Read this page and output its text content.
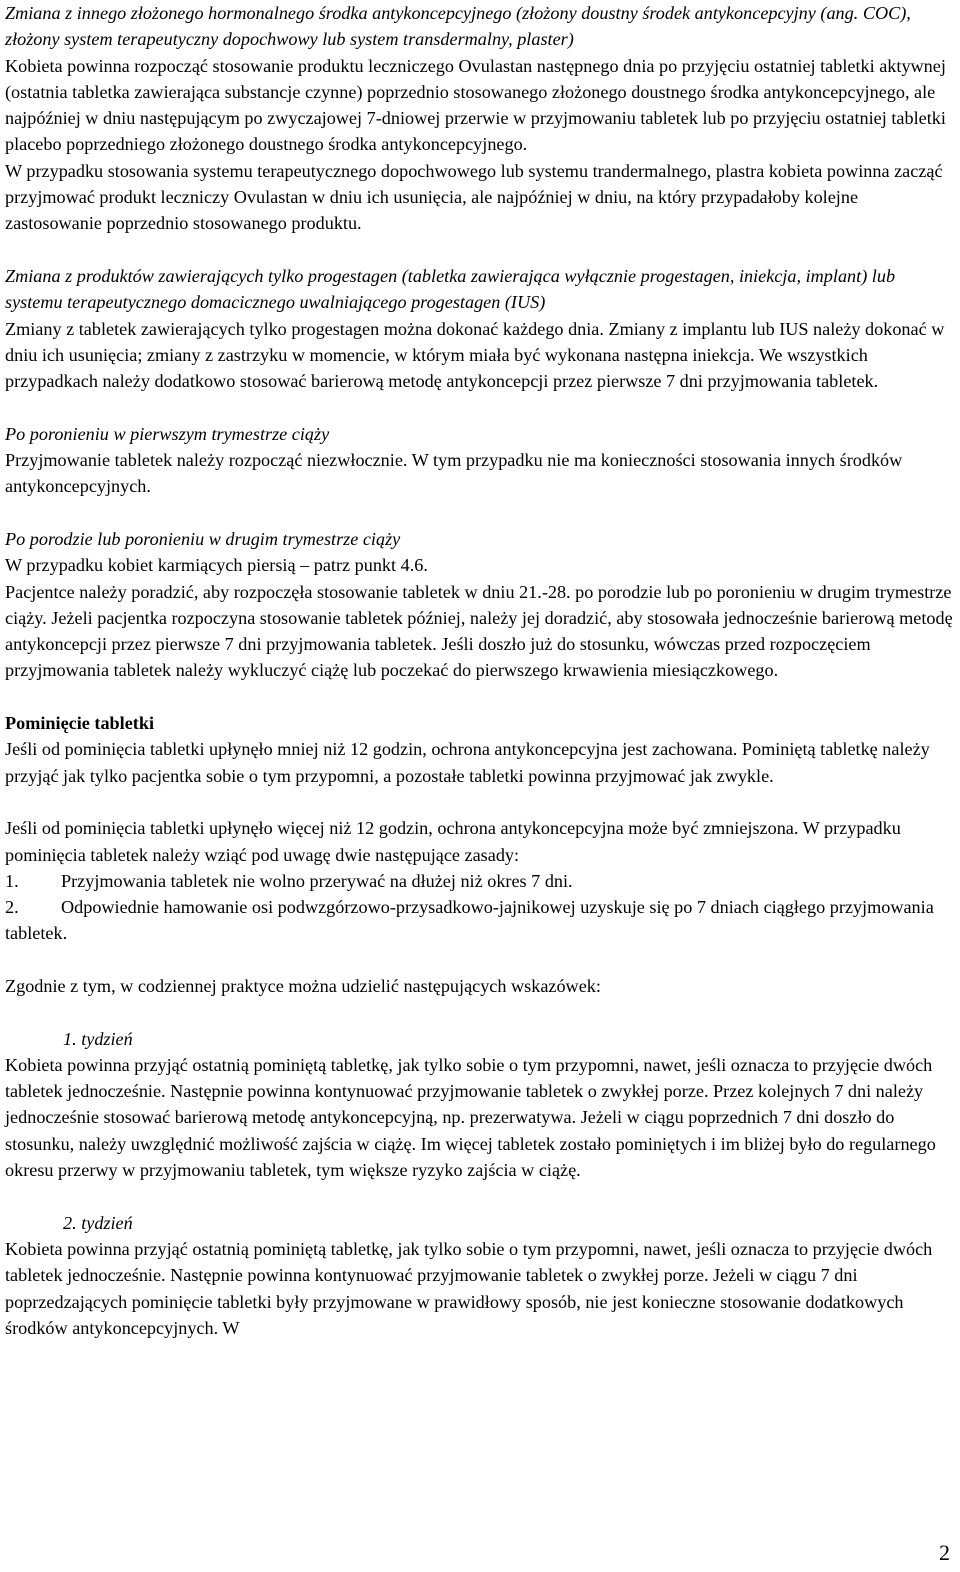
Zmiana z innego złożonego hormonalnego środka antykoncepcyjnego (złożony doustny środek antykoncepcyjny (ang. COC), złożony system terapeutyczny dopochwowy lub system transdermalny, plaster)

Kobieta powinna rozpocząć stosowanie produktu leczniczego Ovulastan następnego dnia po przyjęciu ostatniej tabletki aktywnej (ostatnia tabletka zawierająca substancje czynne) poprzednio stosowanego złożonego doustnego środka antykoncepcyjnego, ale najpóźniej w dniu następującym po zwyczajowej 7-dniowej przerwie w przyjmowaniu tabletek lub po przyjęciu ostatniej tabletki placebo poprzedniego złożonego doustnego środka antykoncepcyjnego.

W przypadku stosowania systemu terapeutycznego dopochwowego lub systemu trandermalnego, plastra kobieta powinna zacząć przyjmować produkt leczniczy Ovulastan w dniu ich usunięcia, ale najpóźniej w dniu, na który przypadałoby kolejne zastosowanie poprzednio stosowanego produktu.

Zmiana z produktów zawierających tylko progestagen (tabletka zawierająca wyłącznie progestagen, iniekcja, implant) lub systemu terapeutycznego domacicznego uwalniającego progestagen (IUS)

Zmiany z tabletek zawierających tylko progestagen można dokonać każdego dnia. Zmiany z implantu lub IUS należy dokonać w dniu ich usunięcia; zmiany z zastrzyku w momencie, w którym miała być wykonana następna iniekcja. We wszystkich przypadkach należy dodatkowo stosować barierową metodę antykoncepcji przez pierwsze 7 dni przyjmowania tabletek.

Po poronieniu w pierwszym trymestrze ciąży

Przyjmowanie tabletek należy rozpocząć niezwłocznie. W tym przypadku nie ma konieczności stosowania innych środków antykoncepcyjnych.

Po porodzie lub poronieniu w drugim trymestrze ciąży

W przypadku kobiet karmiących piersią – patrz punkt 4.6.

Pacjentce należy poradzić, aby rozpoczęła stosowanie tabletek w dniu 21.-28. po porodzie lub po poronieniu w drugim trymestrze ciąży. Jeżeli pacjentka rozpoczyna stosowanie tabletek później, należy jej doradzić, aby stosowała jednocześnie barierową metodę antykoncepcji przez pierwsze 7 dni przyjmowania tabletek. Jeśli doszło już do stosunku, wówczas przed rozpoczęciem przyjmowania tabletek należy wykluczyć ciążę lub poczekać do pierwszego krwawienia miesiączkowego.

Pominięcie tabletki

Jeśli od pominięcia tabletki upłynęło mniej niż 12 godzin, ochrona antykoncepcyjna jest zachowana. Pominiętą tabletkę należy przyjąć jak tylko pacjentka sobie o tym przypomni, a pozostałe tabletki powinna przyjmować jak zwykle.

Jeśli od pominięcia tabletki upłynęło więcej niż 12 godzin, ochrona antykoncepcyjna może być zmniejszona. W przypadku pominięcia tabletek należy wziąć pod uwagę dwie następujące zasady:

1.	Przyjmowania tabletek nie wolno przerywać na dłużej niż okres 7 dni.

2. Odpowiednie hamowanie osi podwzgórzowo-przysadkowo-jajnikowej uzyskuje się po 7 dniach ciągłego przyjmowania tabletek.

Zgodnie z tym, w codziennej praktyce można udzielić następujących wskazówek:

1. tydzień

Kobieta powinna przyjąć ostatnią pominiętą tabletkę, jak tylko sobie o tym przypomni, nawet, jeśli oznacza to przyjęcie dwóch tabletek jednocześnie. Następnie powinna kontynuować przyjmowanie tabletek o zwykłej porze. Przez kolejnych 7 dni należy jednocześnie stosować barierową metodę antykoncepcyjną, np. prezerwatywa. Jeżeli w ciągu poprzednich 7 dni doszło do stosunku, należy uwzględnić możliwość zajścia w ciążę. Im więcej tabletek zostało pominiętych i im bliżej było do regularnego okresu przerwy w przyjmowaniu tabletek, tym większe ryzyko zajścia w ciążę.

2. tydzień

Kobieta powinna przyjąć ostatnią pominiętą tabletkę, jak tylko sobie o tym przypomni, nawet, jeśli oznacza to przyjęcie dwóch tabletek jednocześnie. Następnie powinna kontynuować przyjmowanie tabletek o zwykłej porze. Jeżeli w ciągu 7 dni poprzedzających pominięcie tabletki były przyjmowane w prawidłowy sposób, nie jest konieczne stosowanie dodatkowych środków antykoncepcyjnych. W

2
